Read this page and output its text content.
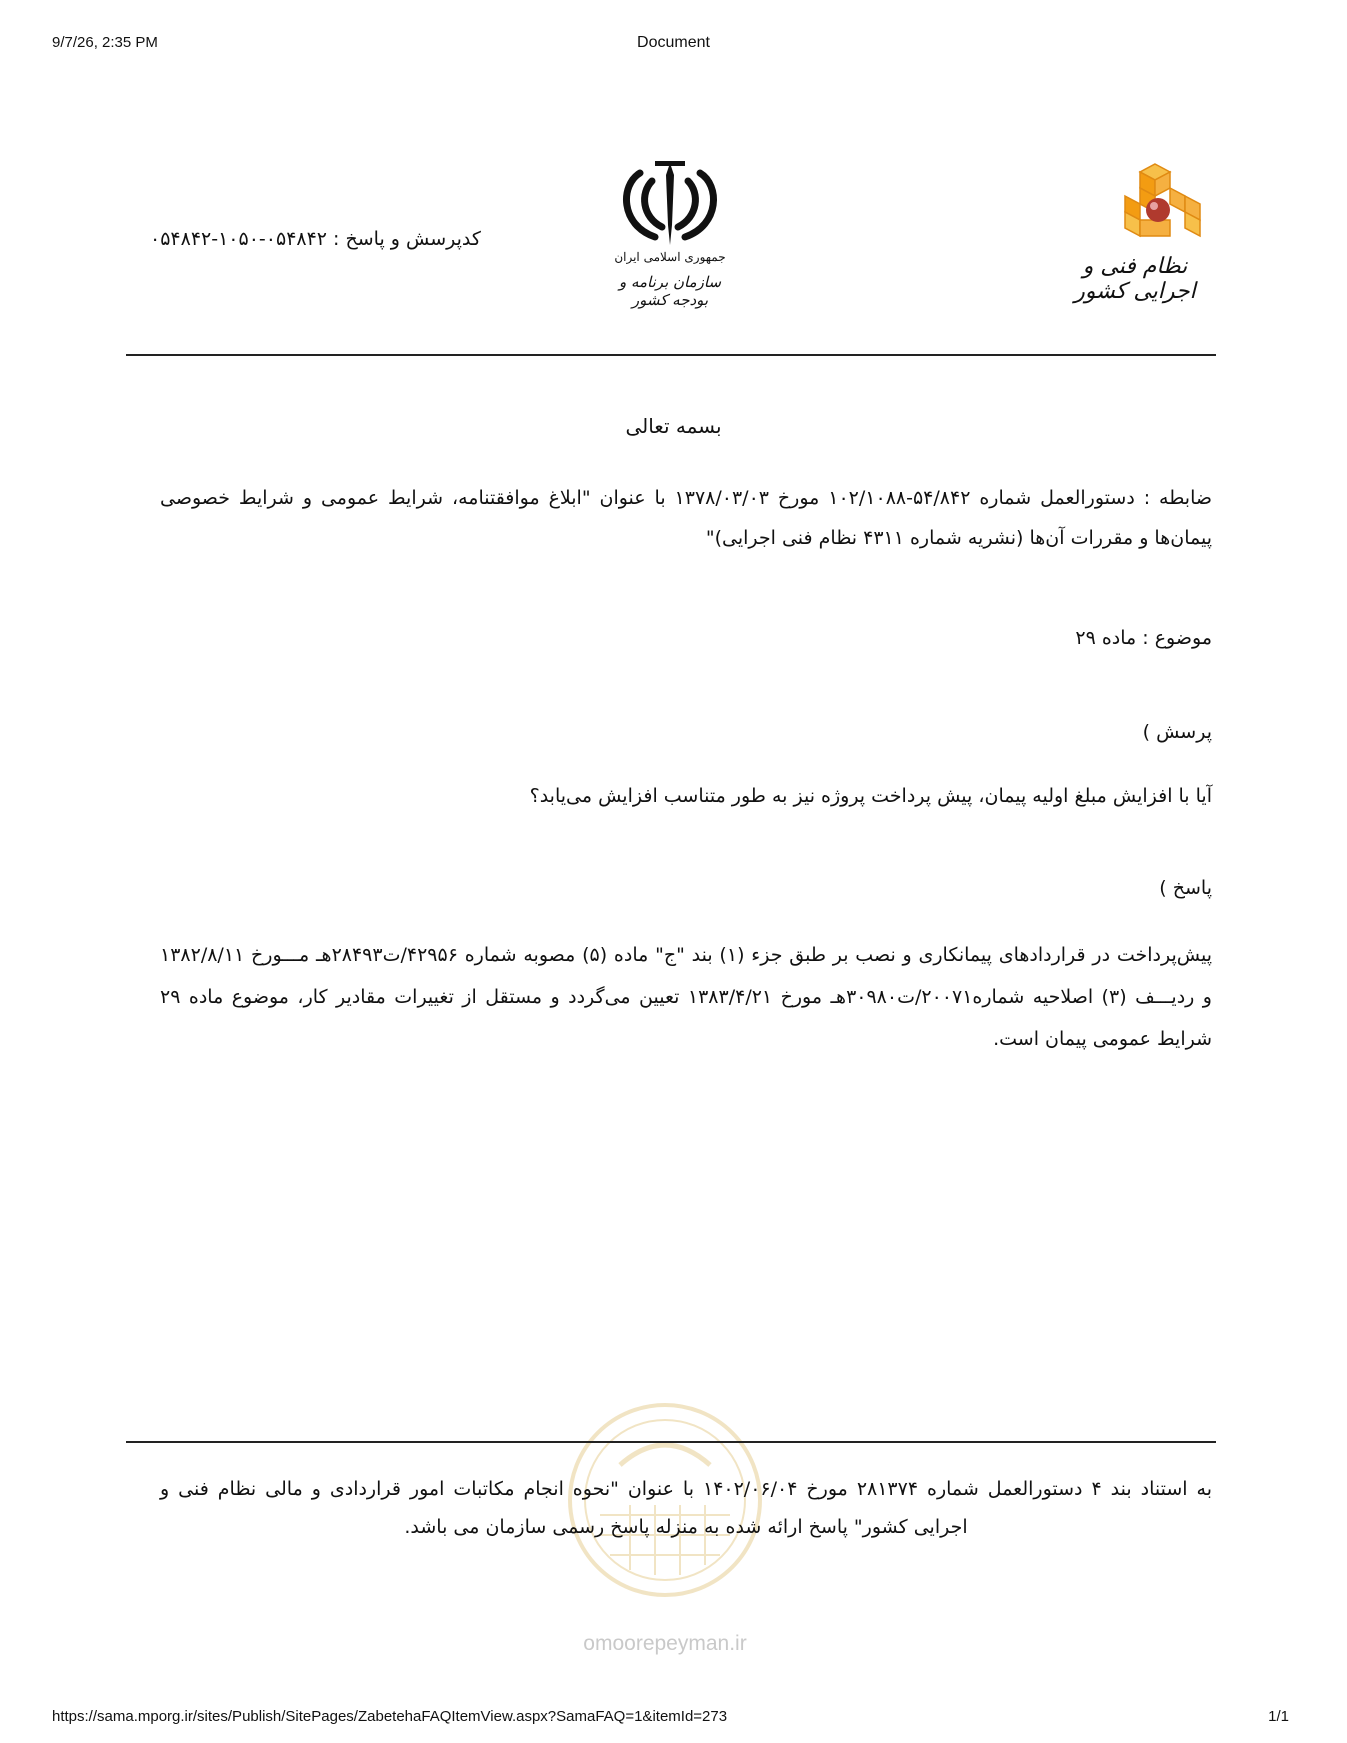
9/7/26, 2:35 PM	Document
کدپرسش و پاسخ : ۰۵۴۸۴۲-۱۰۵۰-۰۵۴۸۴۲
جمهوری اسلامی ایران
سازمان برنامه و بودجه کشور
نظام فنی و اجرایی کشور
بسمه تعالی
ضابطه : دستورالعمل شماره ۵۴/۸۴۲-۱۰۲/۱۰۸۸ مورخ ۱۳۷۸/۰۳/۰۳ با عنوان "ابلاغ موافقتنامه، شرایط عمومی و شرایط خصوصی پیمان‌ها و مقررات آن‌ها (نشریه شماره ۴۳۱۱ نظام فنی اجرایی)"
موضوع : ماده ۲۹
پرسش )
آیا با افزایش مبلغ اولیه پیمان، پیش پرداخت پروژه نیز به طور متناسب افزایش می‌یابد؟
پاسخ )
پیش‌پرداخت در قراردادهای پیمانکاری و نصب بر طبق جزء (۱) بند "ج" ماده (۵) مصوبه شماره ۴۲۹۵۶/ت۲۸۴۹۳هـ مـــورخ ۱۳۸۲/۸/۱۱ و ردیـــف (۳) اصلاحیه شماره۲۰۰۷۱/ت۳۰۹۸۰هـ مورخ ۱۳۸۳/۴/۲۱ تعیین می‌گردد و مستقل از تغییرات مقادیر کار، موضوع ماده ۲۹ شرایط عمومی پیمان است.
به استناد بند ۴ دستورالعمل شماره ۲۸۱۳۷۴ مورخ ۱۴۰۲/۰۶/۰۴ با عنوان "نحوه انجام مکاتبات امور قراردادی و مالی نظام فنی و اجرایی کشور" پاسخ ارائه شده به منزله پاسخ رسمی سازمان می باشد.
omoorepeyman.ir
https://sama.mporg.ir/sites/Publish/SitePages/ZabetehaFAQItemView.aspx?SamaFAQ=1&itemId=273	1/1
